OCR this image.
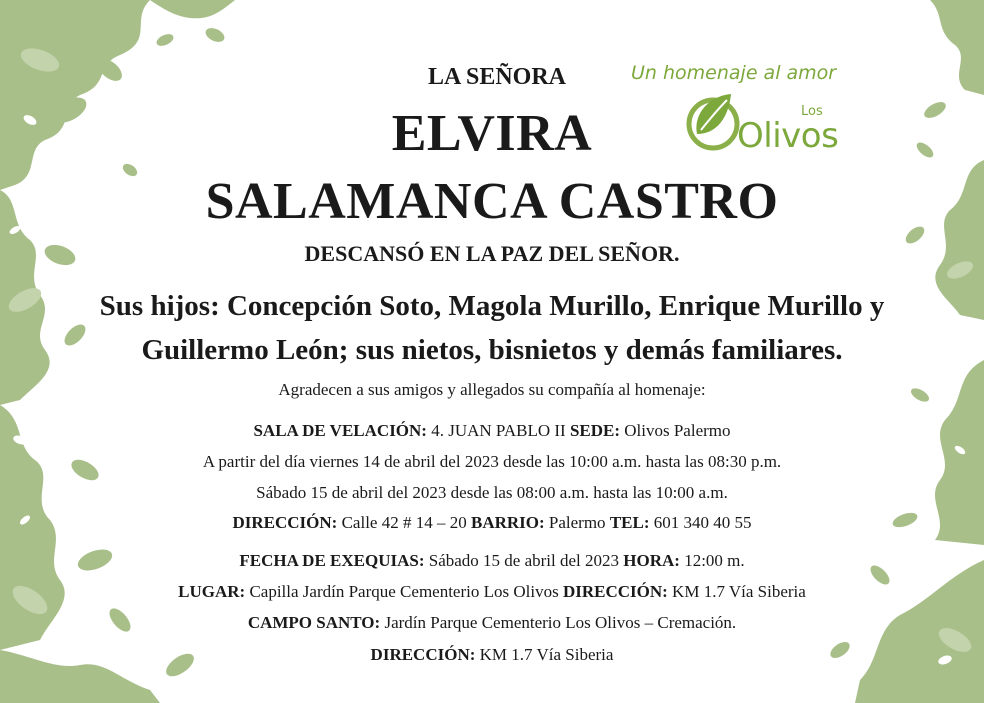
Un homenaje al amor
Los
Olivos
LA SEÑORA
ELVIRA
SALAMANCA CASTRO
DESCANSÓ EN LA PAZ DEL SEÑOR.
Sus hijos: Concepción Soto, Magola Murillo, Enrique Murillo y
Guillermo León; sus nietos, bisnietos y demás familiares.
Agradecen a sus amigos y allegados su compañía al homenaje:
SALA DE VELACIÓN: 4. JUAN PABLO II SEDE: Olivos Palermo
A partir del día viernes 14 de abril del 2023 desde las 10:00 a.m. hasta las 08:30 p.m.
Sábado 15 de abril del 2023 desde las 08:00 a.m. hasta las 10:00 a.m.
DIRECCIÓN: Calle 42 # 14 – 20 BARRIO: Palermo TEL: 601 340 40 55
FECHA DE EXEQUIAS: Sábado 15 de abril del 2023 HORA: 12:00 m.
LUGAR: Capilla Jardín Parque Cementerio Los Olivos DIRECCIÓN: KM 1.7 Vía Siberia
CAMPO SANTO: Jardín Parque Cementerio Los Olivos – Cremación.
DIRECCIÓN: KM 1.7 Vía Siberia
